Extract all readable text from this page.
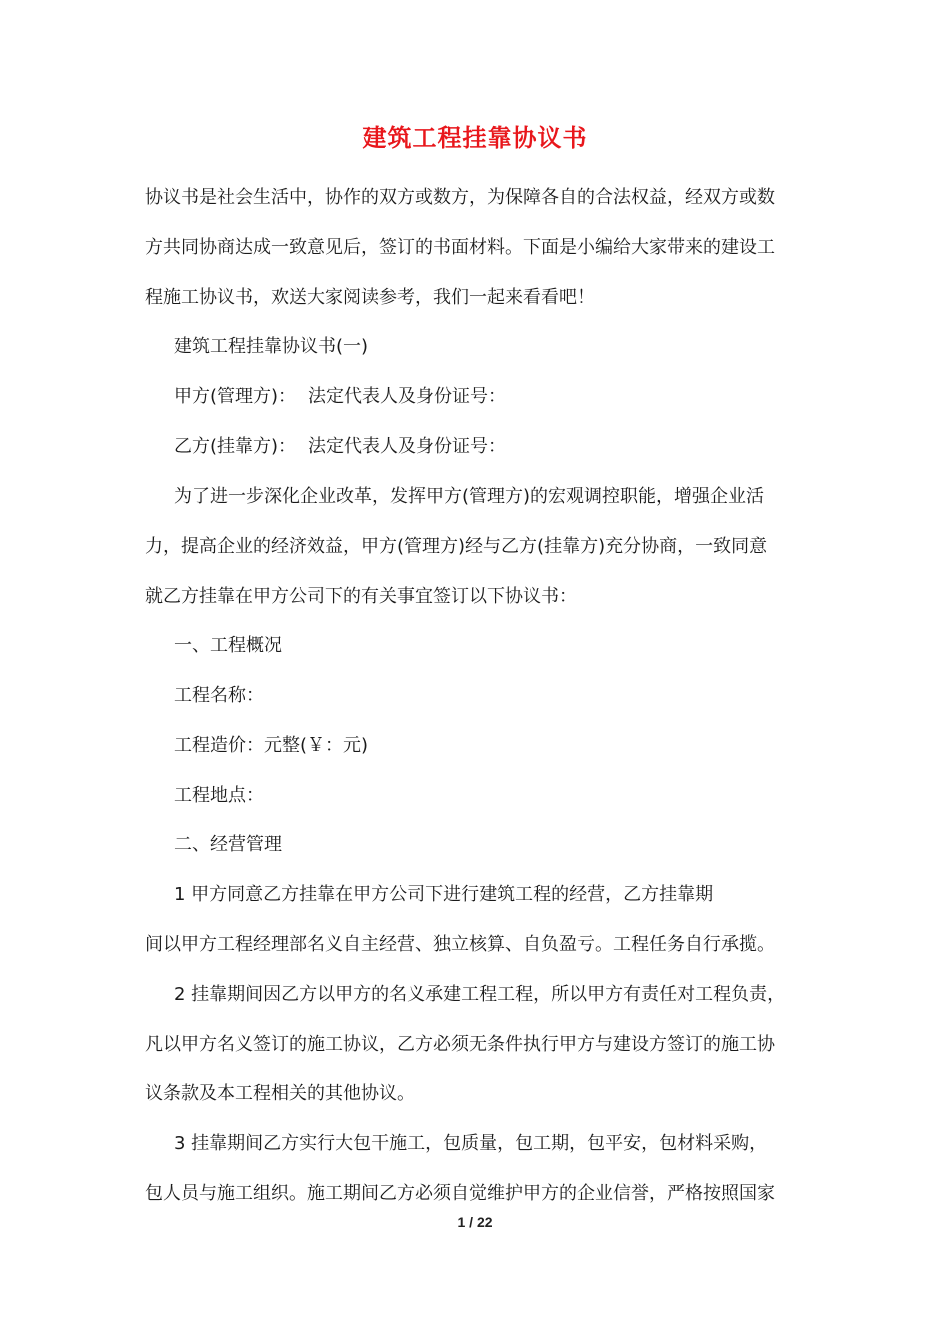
建筑工程挂靠协议书
协议书是社会生活中，协作的双方或数方，为保障各自的合法权益，经双方或数
方共同协商达成一致意见后，签订的书面材料。下面是小编给大家带来的建设工
程施工协议书，欢送大家阅读参考，我们一起来看看吧！
建筑工程挂靠协议书(一)
甲方(管理方)： 法定代表人及身份证号：
乙方(挂靠方)： 法定代表人及身份证号：
为了进一步深化企业改革，发挥甲方(管理方)的宏观调控职能，增强企业活
力，提高企业的经济效益，甲方(管理方)经与乙方(挂靠方)充分协商，一致同意
就乙方挂靠在甲方公司下的有关事宜签订以下协议书：
一、工程概况
工程名称：
工程造价：元整(￥：元)
工程地点：
二、经营管理
1 甲方同意乙方挂靠在甲方公司下进行建筑工程的经营，乙方挂靠期
间以甲方工程经理部名义自主经营、独立核算、自负盈亏。工程任务自行承揽。
2 挂靠期间因乙方以甲方的名义承建工程工程，所以甲方有责任对工程负责，
凡以甲方名义签订的施工协议，乙方必须无条件执行甲方与建设方签订的施工协
议条款及本工程相关的其他协议。
3 挂靠期间乙方实行大包干施工，包质量，包工期，包平安，包材料采购，
包人员与施工组织。施工期间乙方必须自觉维护甲方的企业信誉，严格按照国家
1 / 22
